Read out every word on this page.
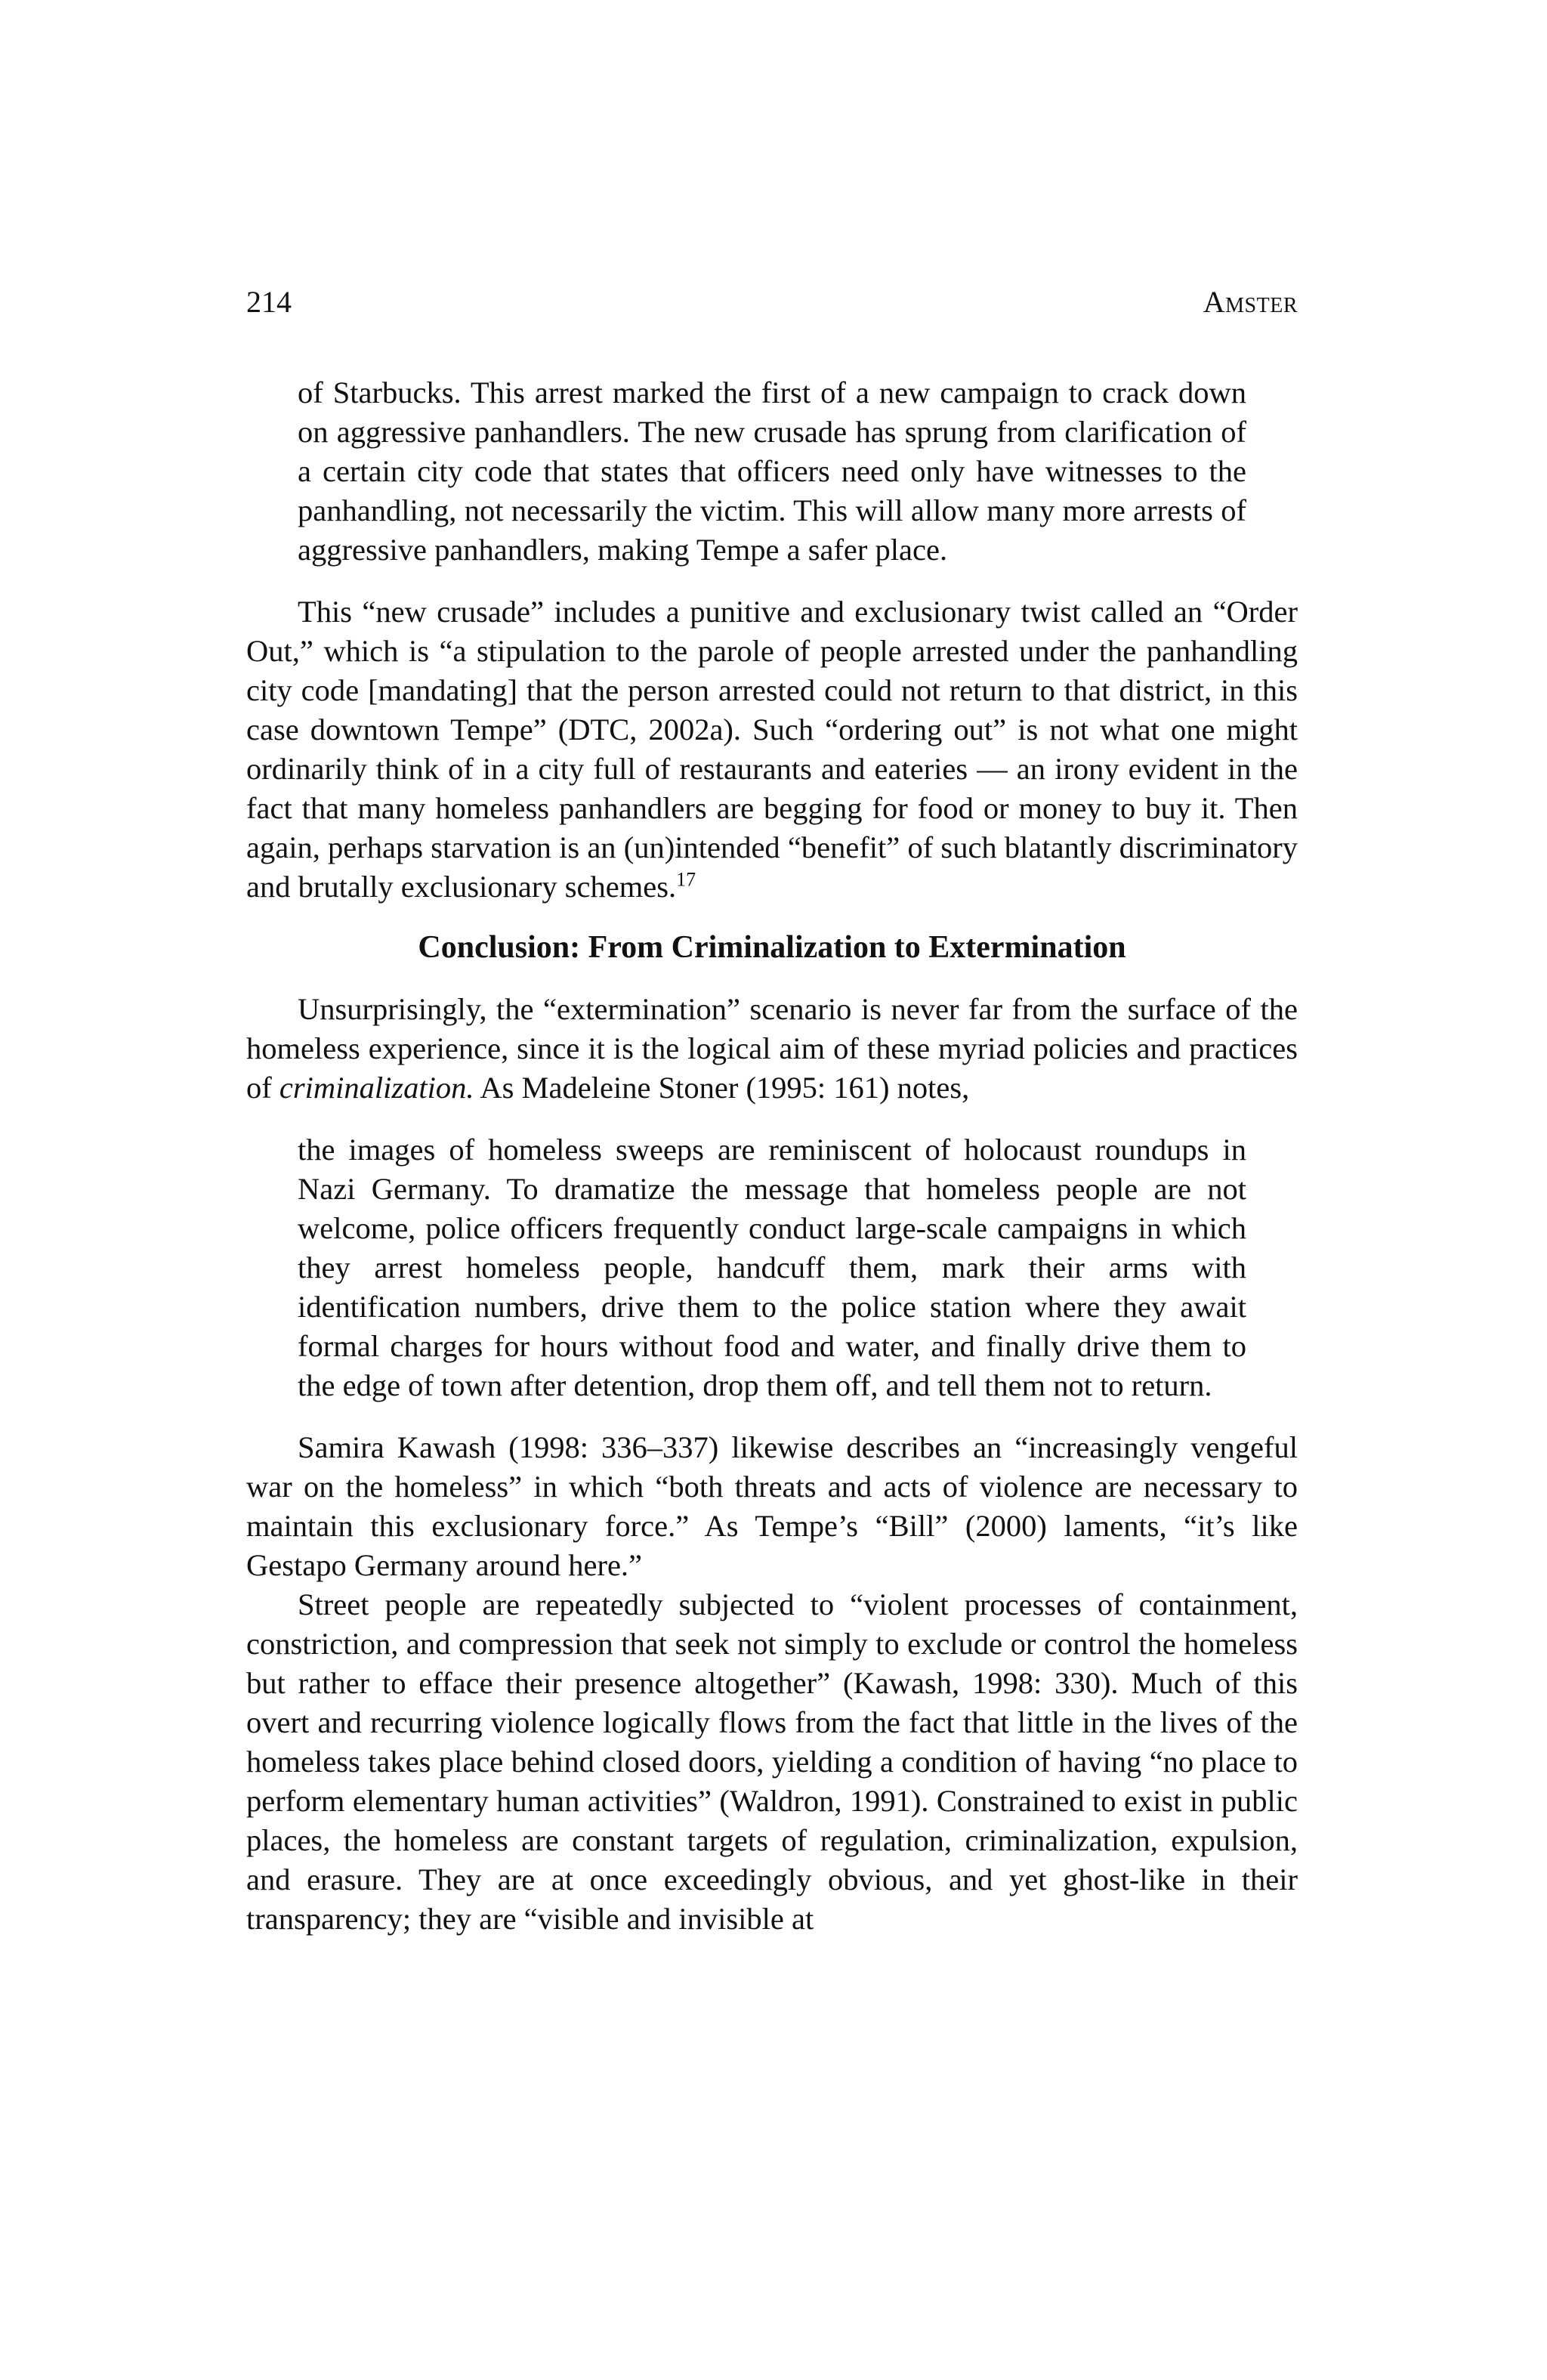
214	Amster

of Starbucks. This arrest marked the first of a new campaign to crack down on aggressive panhandlers. The new crusade has sprung from clarification of a certain city code that states that officers need only have witnesses to the panhandling, not necessarily the victim. This will allow many more arrests of aggressive panhandlers, making Tempe a safer place.

This “new crusade” includes a punitive and exclusionary twist called an “Order Out,” which is “a stipulation to the parole of people arrested under the panhandling city code [mandating] that the person arrested could not return to that district, in this case downtown Tempe” (DTC, 2002a). Such “ordering out” is not what one might ordinarily think of in a city full of restaurants and eateries — an irony evident in the fact that many homeless panhandlers are begging for food or money to buy it. Then again, perhaps starvation is an (un)intended “benefit” of such blatantly discriminatory and brutally exclusionary schemes.$^{17}$

Conclusion: From Criminalization to Extermination

Unsurprisingly, the “extermination” scenario is never far from the surface of the homeless experience, since it is the logical aim of these myriad policies and practices of criminalization. As Madeleine Stoner (1995: 161) notes,

the images of homeless sweeps are reminiscent of holocaust roundups in Nazi Germany. To dramatize the message that homeless people are not welcome, police officers frequently conduct large-scale campaigns in which they arrest homeless people, handcuff them, mark their arms with identification numbers, drive them to the police station where they await formal charges for hours without food and water, and finally drive them to the edge of town after detention, drop them off, and tell them not to return.

Samira Kawash (1998: 336–337) likewise describes an “increasingly vengeful war on the homeless” in which “both threats and acts of violence are necessary to maintain this exclusionary force.” As Tempe’s “Bill” (2000) laments, “it’s like Gestapo Germany around here.”

Street people are repeatedly subjected to “violent processes of containment, constriction, and compression that seek not simply to exclude or control the homeless but rather to efface their presence altogether” (Kawash, 1998: 330). Much of this overt and recurring violence logically flows from the fact that little in the lives of the homeless takes place behind closed doors, yielding a condition of having “no place to perform elementary human activities” (Waldron, 1991). Constrained to exist in public places, the homeless are constant targets of regulation, criminalization, expulsion, and erasure. They are at once exceedingly obvious, and yet ghost-like in their transparency; they are “visible and invisible at
